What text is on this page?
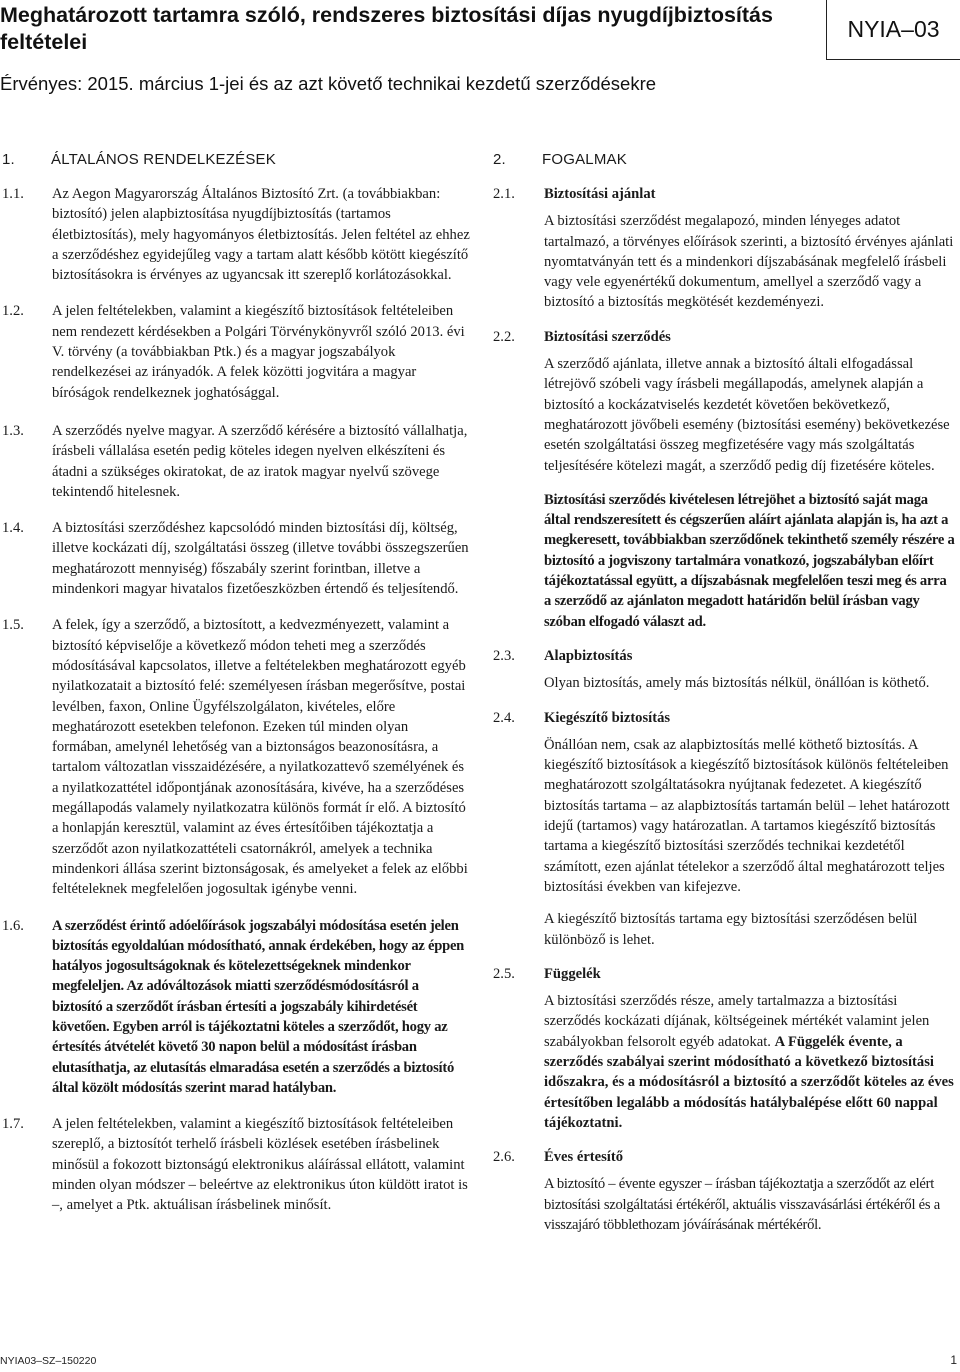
Meghatározott tartamra szóló, rendszeres biztosítási díjas nyugdíjbiztosítás feltételei	NYIA–03
Érvényes: 2015. március 1-jei és az azt követő technikai kezdetű szerződésekre
1.	ÁLTALÁNOS RENDELKEZÉSEK
1.1.	Az Aegon Magyarország Általános Biztosító Zrt. (a továbbiakban: biztosító) jelen alapbiztosítása nyugdíjbiztosítás (tartamos életbiztosítás), mely hagyományos életbiztosítás. Jelen feltétel az ehhez a szerződéshez egyidejűleg vagy a tartam alatt később kötött kiegészítő biztosításokra is érvényes az ugyancsak itt szereplő korlátozásokkal.

1.2.	A jelen feltételekben, valamint a kiegészítő biztosítások feltételeiben nem rendezett kérdésekben a Polgári Törvénykönyvről szóló 2013. évi V. törvény (a továbbiakban Ptk.) és a magyar jogszabályok rendelkezései az irányadók. A felek közötti jogvitára a magyar bíróságok rendelkeznek joghatósággal.

1.3.	A szerződés nyelve magyar. A szerződő kérésére a biztosító vállalhatja, írásbeli vállalása esetén pedig köteles idegen nyelven elkészíteni és átadni a szükséges okiratokat, de az iratok magyar nyelvű szövege tekintendő hitelesnek.

1.4.	A biztosítási szerződéshez kapcsolódó minden biztosítási díj, költség, illetve kockázati díj, szolgáltatási összeg (illetve további összegszerűen meghatározott mennyiség) főszabály szerint forintban, illetve a mindenkori magyar hivatalos fizetőeszközben értendő és teljesítendő.

1.5.	A felek, így a szerződő, a biztosított, a kedvezményezett, valamint a biztosító képviselője a következő módon teheti meg a szerződés módosításával kapcsolatos, illetve a feltételekben meghatározott egyéb nyilatkozatait a biztosító felé: személyesen írásban megerősítve, postai levélben, faxon, Online Ügyfélszolgálaton, kivételes, előre meghatározott esetekben telefonon. Ezeken túl minden olyan formában, amelynél lehetőség van a biztonságos beazonosításra, a tartalom változatlan visszaidézésére, a nyilatkozattevő személyének és a nyilatkozattétel időpontjának azonosítására, kivéve, ha a szerződéses megállapodás valamely nyilatkozatra különös formát ír elő. A biztosító a honlapján keresztül, valamint az éves értesítőiben tájékoztatja a szerződőt azon nyilatkozattételi csatornákról, amelyek a technika mindenkori állása szerint biztonságosak, és amelyeket a felek az előbbi feltételeknek megfelelően jogosultak igénybe venni.

1.6.	A szerződést érintő adóelőírások jogszabályi módosítása esetén jelen biztosítás egyoldalúan módosítható, annak érdekében, hogy az éppen hatályos jogosultságoknak és kötelezettségeknek mindenkor megfeleljen. Az adóváltozások miatti szerződésmódosításról a biztosító a szerződőt írásban értesíti a jogszabály kihirdetését követően. Egyben arról is tájékoztatni köteles a szerződőt, hogy az értesítés átvételét követő 30 napon belül a módosítást írásban elutasíthatja, az elutasítás elmaradása esetén a szerződés a biztosító által közölt módosítás szerint marad hatályban.

1.7.	A jelen feltételekben, valamint a kiegészítő biztosítások feltételeiben szereplő, a biztosítót terhelő írásbeli közlések esetében írásbelinek minősül a fokozott biztonságú elektronikus aláírással ellátott, valamint minden olyan módszer – beleértve az elektronikus úton küldött iratot is –, amelyet a Ptk. aktuálisan írásbelinek minősít.

2.	FOGALMAK
2.1.	Biztosítási ajánlat

A biztosítási szerződést megalapozó, minden lényeges adatot tartalmazó, a törvényes előírások szerinti, a biztosító érvényes ajánlati nyomtatványán tett és a mindenkori díjszabásának megfelelő írásbeli vagy vele egyenértékű dokumentum, amellyel a szerződő vagy a biztosító a biztosítás megkötését kezdeményezi.

2.2.	Biztosítási szerződés

A szerződő ajánlata, illetve annak a biztosító általi elfogadással létrejövő szóbeli vagy írásbeli megállapodás, amelynek alapján a biztosító a kockázatviselés kezdetét követően bekövetkező, meghatározott jövőbeli esemény (biztosítási esemény) bekövetkezése esetén szolgáltatási összeg megfizetésére vagy más szolgáltatás teljesítésére kötelezi magát, a szerződő pedig díj fizetésére köteles.

Biztosítási szerződés kivételesen létrejöhet a biztosító saját maga által rendszeresített és cégszerűen aláírt ajánlata alapján is, ha azt a megkeresett, továbbiakban szerződőnek tekinthető személy részére a biztosító a jogviszony tartalmára vonatkozó, jogszabályban előírt tájékoztatással együtt, a díjszabásnak megfelelően teszi meg és arra a szerződő az ajánlaton megadott határidőn belül írásban vagy szóban elfogadó választ ad.

2.3.	Alapbiztosítás

Olyan biztosítás, amely más biztosítás nélkül, önállóan is köthető.

2.4.	Kiegészítő biztosítás

Önállóan nem, csak az alapbiztosítás mellé köthető biztosítás. A kiegészítő biztosítások a kiegészítő biztosítások különös feltételeiben meghatározott szolgáltatásokra nyújtanak fedezetet. A kiegészítő biztosítás tartama – az alapbiztosítás tartamán belül – lehet határozott idejű (tartamos) vagy határozatlan. A tartamos kiegészítő biztosítás tartama a kiegészítő biztosítási szerződés technikai kezdetétől számított, ezen ajánlat tételekor a szerződő által meghatározott teljes biztosítási években van kifejezve.

A kiegészítő biztosítás tartama egy biztosítási szerződésen belül különböző is lehet.

2.5.	Függelék

A biztosítási szerződés része, amely tartalmazza a biztosítási szerződés kockázati díjának, költségeinek mértékét valamint jelen szabályokban felsorolt egyéb adatokat. A Függelék évente, a szerződés szabályai szerint módosítható a következő biztosítási időszakra, és a módosításról a biztosító a szerződőt köteles az éves értesítőben legalább a módosítás hatálybalépése előtt 60 nappal tájékoztatni.

2.6.	Éves értesítő

A biztosító – évente egyszer – írásban tájékoztatja a szerződőt az elért biztosítási szolgáltatási értékéről, aktuális visszavásárlási értékéről és a visszajáró többlethozam jóváírásának mértékéről.

NYIA03–SZ–150220	1
